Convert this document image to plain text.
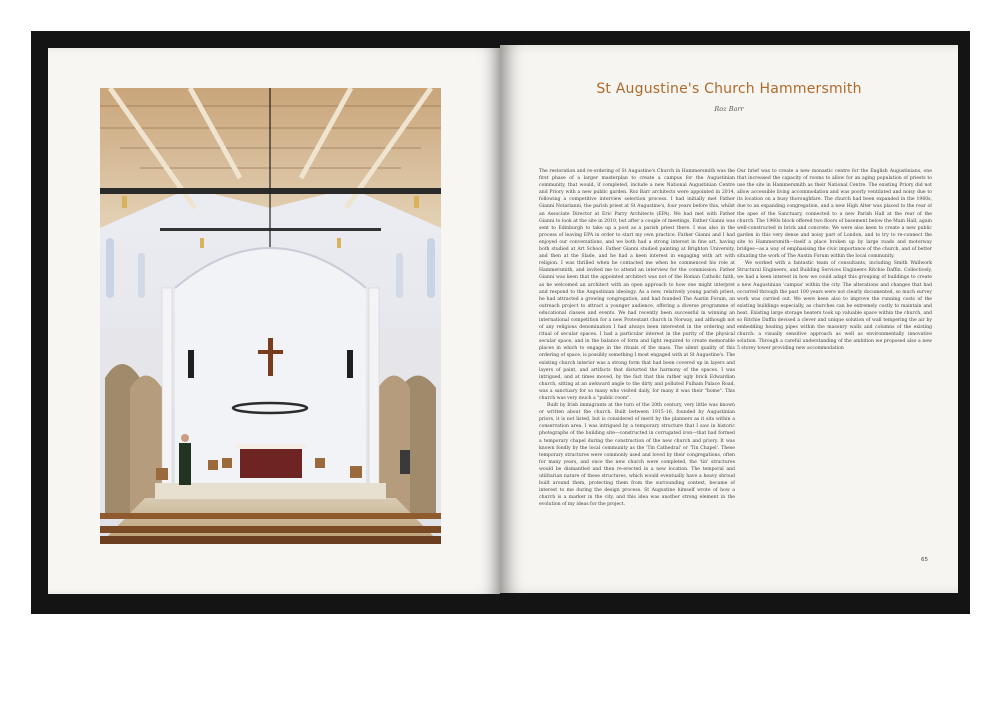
St Augustine's Church Hammersmith
Roz Barr

The restoration and re-ordering of St Augustine's Church in Hammersmith was the first phase of a larger masterplan to create a campus for the Augustinian community, that would, if completed, include a new National Augustinian Centre and Priory with a new public garden. Roz Barr architects were appointed in 2014, following a competitive interview selection process. I had initially met Father Gianni Notarianni, the parish priest at St Augustine's, four years before this, whilst an Associate Director at Eric Parry Architects (EPA). We had met with Father Gianni to look at the site in 2010, but after a couple of meetings, Father Gianni was sent to Edinburgh to take up a post as a parish priest there. I was also in the process of leaving EPA in order to start my own practice. Father Gianni and I had enjoyed our conversations, and we both had a strong interest in fine art, having both studied at Art School. Father Gianni studied painting at Brighton University, and then at the Slade, and he had a keen interest in engaging with art with religion. I was thrilled when he contacted me when he commenced his role at Hammersmith, and invited me to attend an interview for the commission. Father Gianni was keen that the appointed architect was not of the Roman Catholic faith, as he welcomed an architect with an open approach to how one might interpret and respond to the Augustinian ideology. As a new, relatively young parish priest, he had attracted a growing congregation, and had founded The Austin Forum, an outreach project to attract a younger audience, offering a diverse programme of educational classes and events. We had recently been successful in winning an international competition for a new Protestant church in Norway, and although not of any religious denomination I had always been interested in the ordering and ritual of secular spaces. I had a particular interest in the purity of the physical secular space, and in the balance of form and light required to create memorable places in which to engage in the rituals of the mass. The silent quality of this ordering of space, is possibly something I most engaged with at St Augustine's. The existing church interior was a strong form that had been covered up in layers and layers of paint, and artifacts that distorted the harmony of the spaces. I was intrigued, and at times moved, by the fact that this rather ugly brick Edwardian church, sitting at an awkward angle to the dirty and polluted Fulham Palace Road, was a sanctuary for so many who visited daily, for many it was their "home". This church was very much a "public room".

Built by Irish immigrants at the turn of the 20th century, very little was known or written about the church. Built between 1915–16, founded by Augustinian priors, it is not listed, but is considered of merit by the planners as it sits within a conservation area. I was intrigued by a temporary structure that I saw in historic photographs of the building site—constructed in corrugated iron—that had formed a temporary chapel during the construction of the new church and priory. It was known fondly by the local community as the 'Tin Cathedral' or 'Tin Chapel'. These temporary structures were commonly used and loved by their congregations, often for many years, and once the new church were completed, the 'tin' structures would be dismantled and then re-erected in a new location. The temporal and utilitarian nature of these structures, which would eventually have a heavy shroud built around them, protecting them from the surrounding context, became of interest to me during the design process. St Augustine himself wrote of how a church is a marker in the city, and this idea was another strong element in the evolution of my ideas for the project.

Our brief was to create a new monastic centre for the English Augustinians, one that increased the capacity of rooms to allow for an aging population of priests to use the site in Hammersmith as their National Centre. The existing Priory did not allow accessible living accommodation and was poorly ventilated and noisy due to its location on a busy thoroughfare. The church had been expanded in the 1960s, due to an expanding congregation, and a new High Alter was placed to the rear of the apse of the Sanctuary, connected to a new Parish Hall at the rear of the church. The 1960s block offered two floors of basement below the Main Hall, again well-constructed in brick and concrete. We were also keen to create a new public garden in this very dense and noisy part of London, and to try to re-connect the site to Hammersmith—itself a place broken up by large roads and motorway bridges—as a way of emphasising the civic importance of the church, and of better situating the work of The Austin Forum within the local community.

We worked with a fantastic team of consultants, including Smith Wallwork Structural Engineers, and Building Services Engineers Ritchie Daffin. Collectively, we had a keen interest in how we could adapt this grouping of buildings to create a new Augustinian 'campus' within the city. The alterations and changes that had occurred through the past 100 years were not clearly documented, so much survey work was carried out. We were keen also to improve the running costs of the existing buildings especially, as churches can be extremely costly to maintain and heat. Existing large storage heaters took up valuable space within the church, and so Ritchie Daffin devised a clever and unique solution of wall tempering the air by embedding heating pipes within the masonry walls and columns of the existing church: a visually sensitive approach as well as environmentally innovative solution. Through a careful understanding of the ambition we proposed also a new 5 storey tower providing new accommodation

65
